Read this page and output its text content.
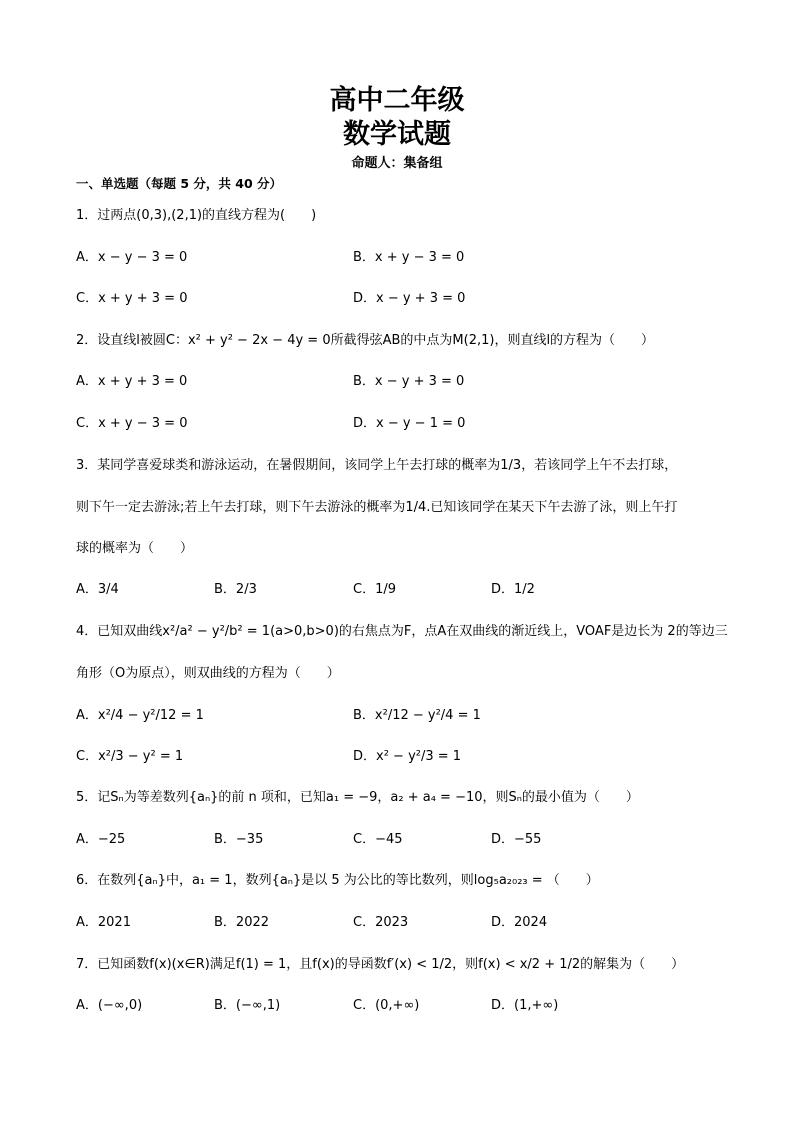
高中二年级
数学试题
命题人：集备组
一、单选题（每题 5 分，共 40 分）
1．过两点(0,3),(2,1)的直线方程为(　　)
A．x − y − 3 = 0	B．x + y − 3 = 0
C．x + y + 3 = 0	D．x − y + 3 = 0
2．设直线l被圆C：x² + y² − 2x − 4y = 0所截得弦AB的中点为M(2,1)，则直线l的方程为（　　）
A．x + y + 3 = 0	B．x − y + 3 = 0
C．x + y − 3 = 0	D．x − y − 1 = 0
3．某同学喜爱球类和游泳运动，在暑假期间，该同学上午去打球的概率为1/3，若该同学上午不去打球，
则下午一定去游泳;若上午去打球，则下午去游泳的概率为1/4.已知该同学在某天下午去游了泳，则上午打
球的概率为（　　）
A．3/4	B．2/3	C．1/9	D．1/2
4．已知双曲线x²/a² − y²/b² = 1(a>0,b>0)的右焦点为F，点A在双曲线的渐近线上，VOAF是边长为 2的等边三
角形（O为原点），则双曲线的方程为（　　）
A．x²/4 − y²/12 = 1	B．x²/12 − y²/4 = 1
C．x²/3 − y² = 1	D．x² − y²/3 = 1
5．记Sₙ为等差数列{aₙ}的前 n 项和，已知a₁ = −9，a₂ + a₄ = −10，则Sₙ的最小值为（　　）
A．−25	B．−35	C．−45	D．−55
6．在数列{aₙ}中，a₁ = 1，数列{aₙ}是以 5 为公比的等比数列，则log₅a₂₀₂₃ = （　　）
A．2021	B．2022	C．2023	D．2024
7．已知函数f(x)(x∈R)满足f(1) = 1，且f(x)的导函数f′(x) < 1/2，则f(x) < x/2 + 1/2的解集为（　　）
A．(−∞,0)	B．(−∞,1)	C．(0,+∞)	D．(1,+∞)
